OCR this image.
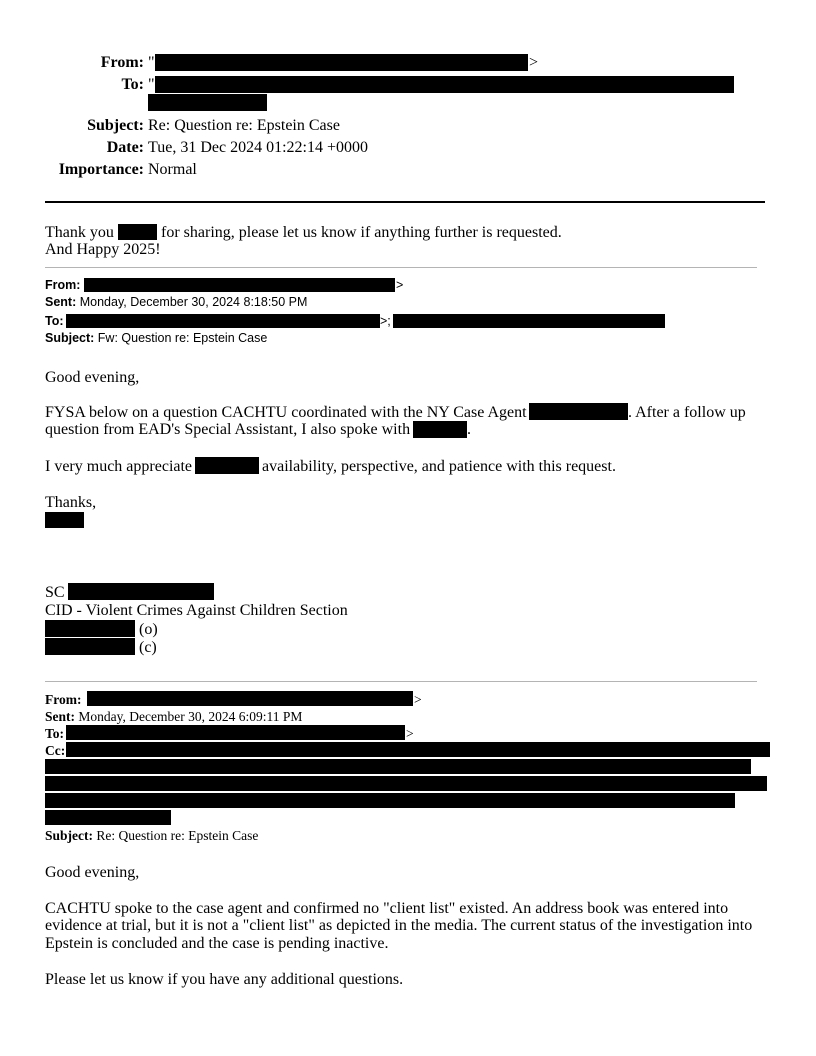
From: "	>
To: "
Subject: Re: Question re: Epstein Case
Date: Tue, 31 Dec 2024 01:22:14 +0000
Importance: Normal
Thank you	for sharing, please let us know if anything further is requested.
And Happy 2025!
From:	>
Sent: Monday, December 30, 2024 8:18:50 PM
To:	>;
Subject: Fw: Question re: Epstein Case
Good evening,
FYSA below on a question CACHTU coordinated with the NY Case Agent	. After a follow up
question from EAD's Special Assistant, I also spoke with	.
I very much appreciate	availability, perspective, and patience with this request.
Thanks,
SC
CID - Violent Crimes Against Children Section
(o)
(c)
From:	>
Sent: Monday, December 30, 2024 6:09:11 PM
To:	>
Cc:
Subject: Re: Question re: Epstein Case
Good evening,
CACHTU spoke to the case agent and confirmed no "client list" existed. An address book was entered into
evidence at trial, but it is not a "client list" as depicted in the media. The current status of the investigation into
Epstein is concluded and the case is pending inactive.
Please let us know if you have any additional questions.
